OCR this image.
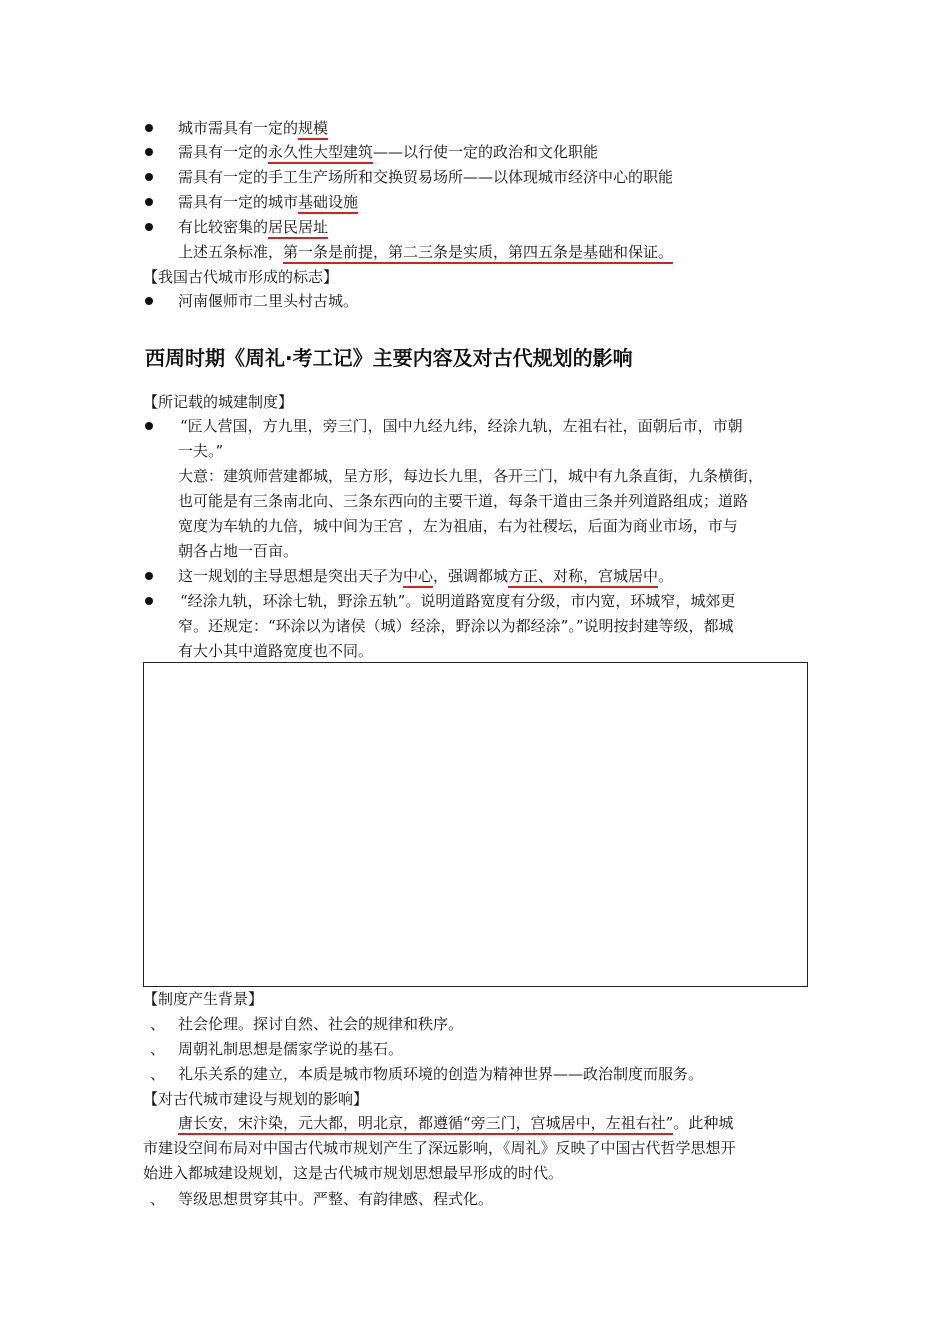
城市需具有一定的规模
需具有一定的永久性大型建筑——以行使一定的政治和文化职能
需具有一定的手工生产场所和交换贸易场所——以体现城市经济中心的职能
需具有一定的城市基础设施
有比较密集的居民居址
上述五条标准，第一条是前提，第二三条是实质，第四五条是基础和保证。
【我国古代城市形成的标志】
河南偃师市二里头村古城。
西周时期《周礼·考工记》主要内容及对古代规划的影响
【所记载的城建制度】
“匠人营国，方九里，旁三门，国中九经九纬，经涂九轨，左祖右社，面朝后市，市朝
一夫。”
大意：建筑师营建都城，呈方形，每边长九里，各开三门，城中有九条直街，九条横街，
也可能是有三条南北向、三条东西向的主要干道，每条干道由三条并列道路组成；道路
宽度为车轨的九倍，城中间为王宫 ，左为祖庙，右为社稷坛，后面为商业市场，市与
朝各占地一百亩。
这一规划的主导思想是突出天子为中心，强调都城方正、对称，宫城居中。
“经涂九轨，环涂七轨，野涂五轨”。说明道路宽度有分级，市内宽，环城窄，城郊更
窄。还规定：“环涂以为诸侯（城）经涂，野涂以为都经涂”。”说明按封建等级，都城
有大小其中道路宽度也不同。
【制度产生背景】
、 社会伦理。探讨自然、社会的规律和秩序。
、 周朝礼制思想是儒家学说的基石。
、 礼乐关系的建立，本质是城市物质环境的创造为精神世界——政治制度而服务。
【对古代城市建设与规划的影响】
唐长安，宋汴染，元大都，明北京，都遵循“旁三门，宫城居中，左祖右社”。此种城
市建设空间布局对中国古代城市规划产生了深远影响，《周礼》反映了中国古代哲学思想开
始进入都城建设规划，这是古代城市规划思想最早形成的时代。
、 等级思想贯穿其中。严整、有韵律感、程式化。
